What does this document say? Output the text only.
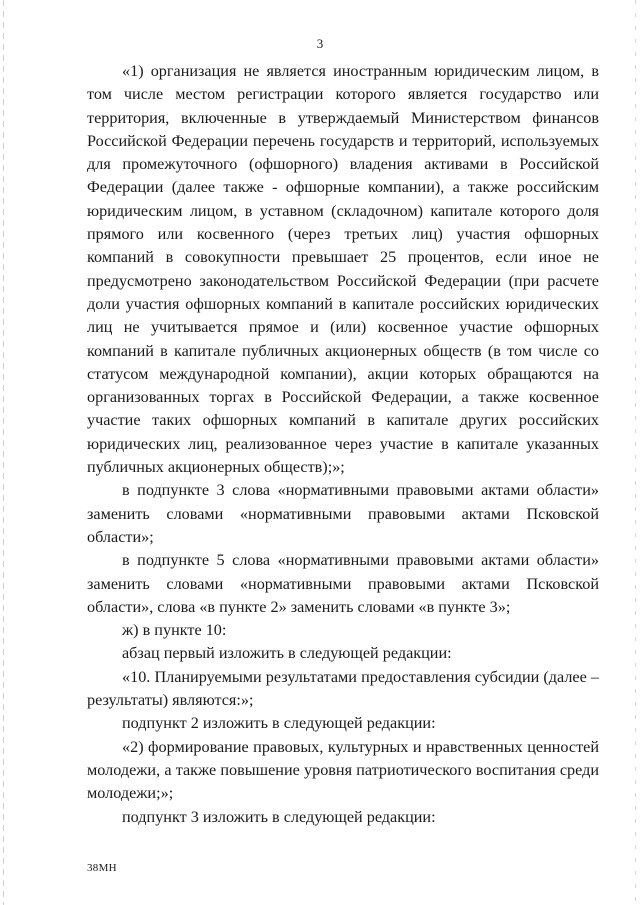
3

«1) организация не является иностранным юридическим лицом, в том числе местом регистрации которого является государство или территория, включенные в утверждаемый Министерством финансов Российской Федерации перечень государств и территорий, используемых для промежуточного (офшорного) владения активами в Российской Федерации (далее также - офшорные компании), а также российским юридическим лицом, в уставном (складочном) капитале которого доля прямого или косвенного (через третьих лиц) участия офшорных компаний в совокупности превышает 25 процентов, если иное не предусмотрено законодательством Российской Федерации (при расчете доли участия офшорных компаний в капитале российских юридических лиц не учитывается прямое и (или) косвенное участие офшорных компаний в капитале публичных акционерных обществ (в том числе со статусом международной компании), акции которых обращаются на организованных торгах в Российской Федерации, а также косвенное участие таких офшорных компаний в капитале других российских юридических лиц, реализованное через участие в капитале указанных публичных акционерных обществ);»;

в подпункте 3 слова «нормативными правовыми актами области» заменить словами «нормативными правовыми актами Псковской области»;

в подпункте 5 слова «нормативными правовыми актами области» заменить словами «нормативными правовыми актами Псковской области», слова «в пункте 2» заменить словами «в пункте 3»;

ж) в пункте 10:

абзац первый изложить в следующей редакции:

«10. Планируемыми результатами предоставления субсидии (далее – результаты) являются:»;

подпункт 2 изложить в следующей редакции:

«2) формирование правовых, культурных и нравственных ценностей молодежи, а также повышение уровня патриотического воспитания среди молодежи;»;

подпункт 3 изложить в следующей редакции:

38МН
